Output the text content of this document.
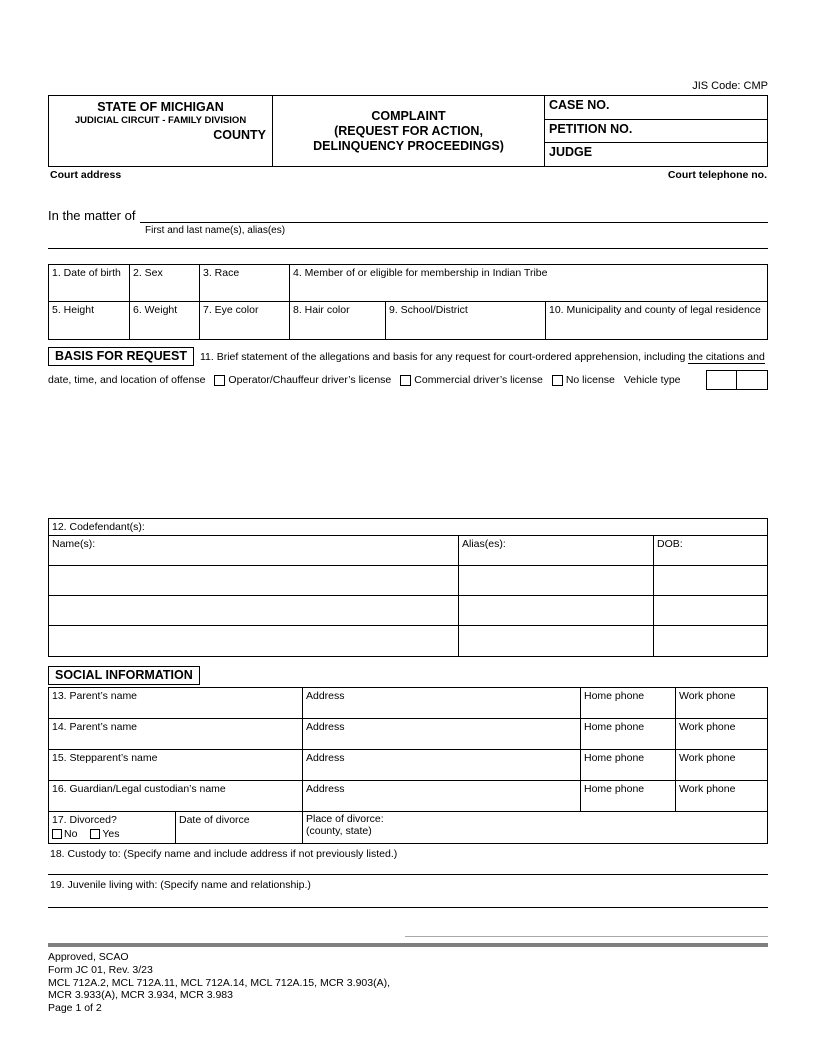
JIS Code: CMP
STATE OF MICHIGAN
JUDICIAL CIRCUIT - FAMILY DIVISION
COUNTY
COMPLAINT
(REQUEST FOR ACTION,
DELINQUENCY PROCEEDINGS)
CASE NO.
PETITION NO.
JUDGE
Court address	Court telephone no.
In the matter of
First and last name(s), alias(es)
1. Date of birth	2. Sex	3. Race	4. Member of or eligible for membership in Indian Tribe
5. Height	6. Weight	7. Eye color	8. Hair color	9. School/District	10. Municipality and county of legal residence
BASIS FOR REQUEST	11. Brief statement of the allegations and basis for any request for court-ordered apprehension, including the citations and
date, time, and location of offense Operator/Chauffeur driver’s license Commercial driver’s license No license Vehicle type
12. Codefendant(s):
Name(s):	Alias(es):	DOB:
SOCIAL INFORMATION
13. Parent’s name	Address	Home phone	Work phone
14. Parent’s name	Address	Home phone	Work phone
15. Stepparent’s name	Address	Home phone	Work phone
16. Guardian/Legal custodian’s name	Address	Home phone	Work phone
17. Divorced?
No
Yes
Date of divorce	Place of divorce:
(county, state)
18. Custody to: (Specify name and include address if not previously listed.)
19. Juvenile living with: (Specify name and relationship.)
Approved, SCAO
Form JC 01, Rev. 3/23
MCL 712A.2, MCL 712A.11, MCL 712A.14, MCL 712A.15, MCR 3.903(A),
MCR 3.933(A), MCR 3.934, MCR 3.983
Page 1 of 2
